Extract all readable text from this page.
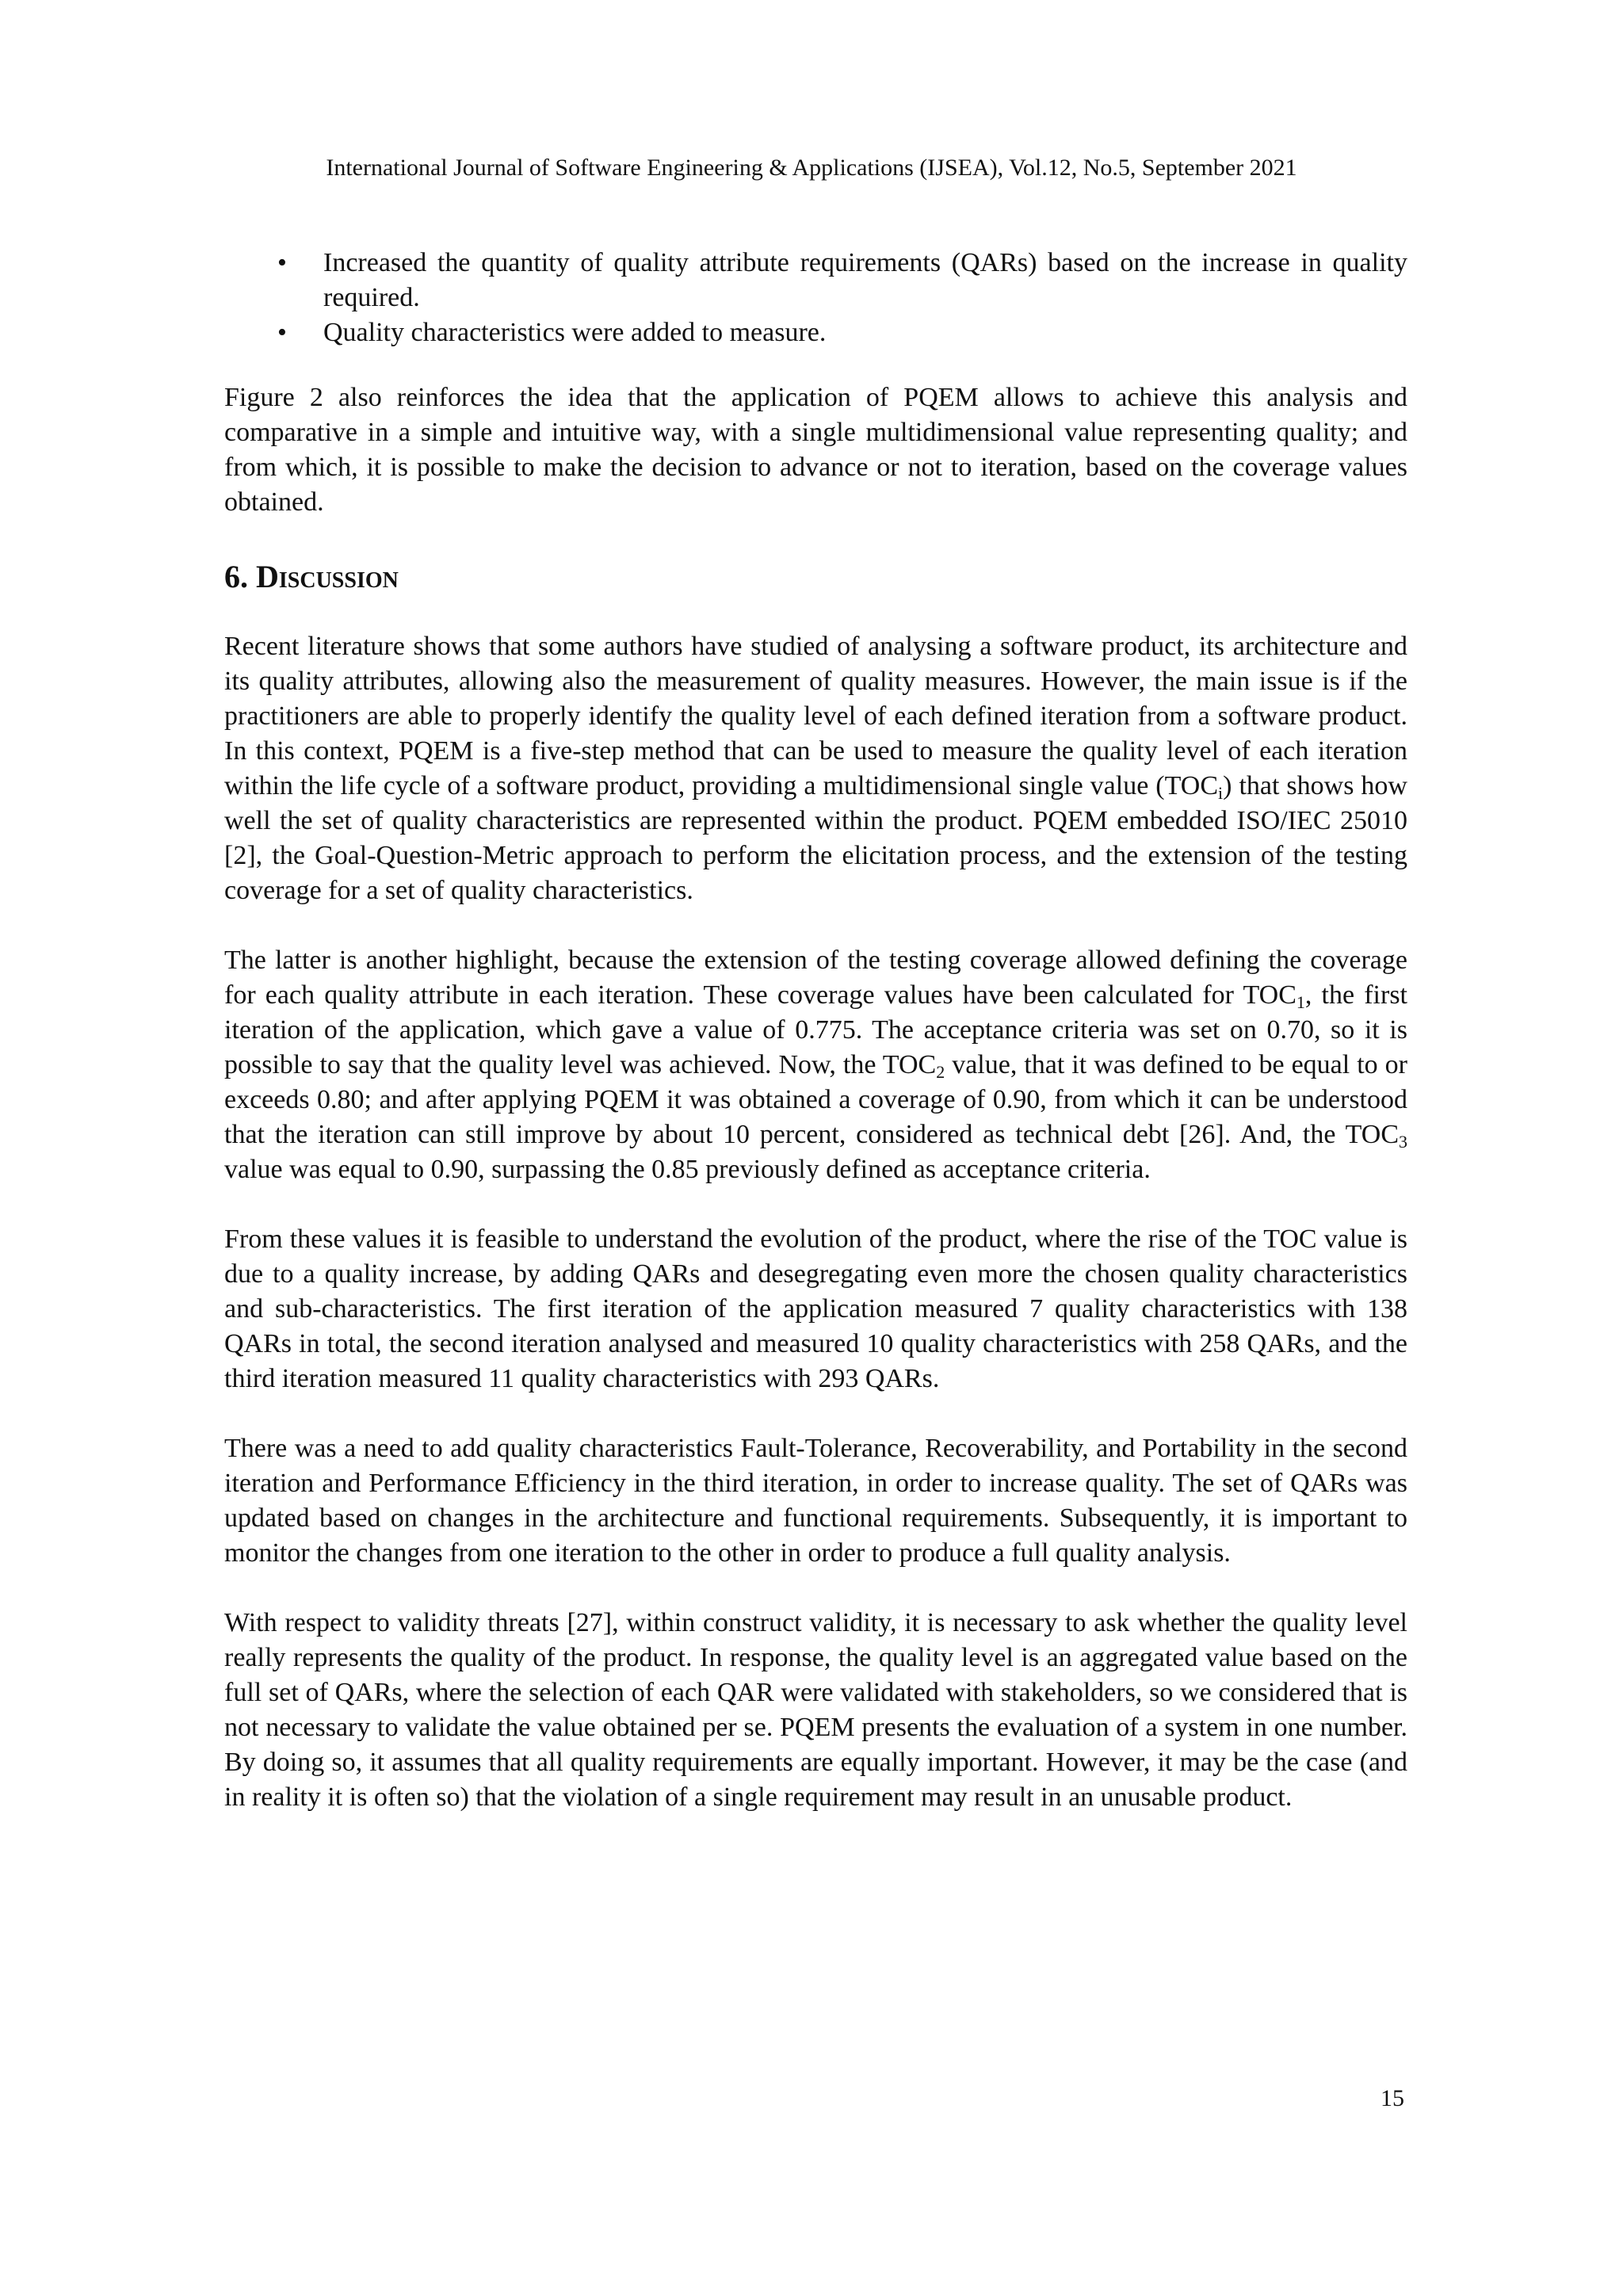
International Journal of Software Engineering & Applications (IJSEA), Vol.12, No.5, September 2021
• Increased the quantity of quality attribute requirements (QARs) based on the increase in quality required.
• Quality characteristics were added to measure.

Figure 2 also reinforces the idea that the application of PQEM allows to achieve this analysis and comparative in a simple and intuitive way, with a single multidimensional value representing quality; and from which, it is possible to make the decision to advance or not to iteration, based on the coverage values obtained.

6. Discussion

Recent literature shows that some authors have studied of analysing a software product, its architecture and its quality attributes, allowing also the measurement of quality measures. However, the main issue is if the practitioners are able to properly identify the quality level of each defined iteration from a software product. In this context, PQEM is a five-step method that can be used to measure the quality level of each iteration within the life cycle of a software product, providing a multidimensional single value $(TOC_i)$ that shows how well the set of quality characteristics are represented within the product. PQEM embedded ISO/IEC 25010 [2], the Goal-Question-Metric approach to perform the elicitation process, and the extension of the testing coverage for a set of quality characteristics.

The latter is another highlight, because the extension of the testing coverage allowed defining the coverage for each quality attribute in each iteration. These coverage values have been calculated for $TOC_1$, the first iteration of the application, which gave a value of 0.775. The acceptance criteria was set on 0.70, so it is possible to say that the quality level was achieved. Now, the $TOC_2$ value, that it was defined to be equal to or exceeds 0.80; and after applying PQEM it was obtained a coverage of 0.90, from which it can be understood that the iteration can still improve by about 10 percent, considered as technical debt [26]. And, the $TOC_3$ value was equal to 0.90, surpassing the 0.85 previously defined as acceptance criteria.

From these values it is feasible to understand the evolution of the product, where the rise of the TOC value is due to a quality increase, by adding QARs and desegregating even more the chosen quality characteristics and sub-characteristics. The first iteration of the application measured 7 quality characteristics with 138 QARs in total, the second iteration analysed and measured 10 quality characteristics with 258 QARs, and the third iteration measured 11 quality characteristics with 293 QARs.

There was a need to add quality characteristics Fault-Tolerance, Recoverability, and Portability in the second iteration and Performance Efficiency in the third iteration, in order to increase quality. The set of QARs was updated based on changes in the architecture and functional requirements. Subsequently, it is important to monitor the changes from one iteration to the other in order to produce a full quality analysis.

With respect to validity threats [27], within construct validity, it is necessary to ask whether the quality level really represents the quality of the product. In response, the quality level is an aggregated value based on the full set of QARs, where the selection of each QAR were validated with stakeholders, so we considered that is not necessary to validate the value obtained per se. PQEM presents the evaluation of a system in one number. By doing so, it assumes that all quality requirements are equally important. However, it may be the case (and in reality it is often so) that the violation of a single requirement may result in an unusable product.

15
